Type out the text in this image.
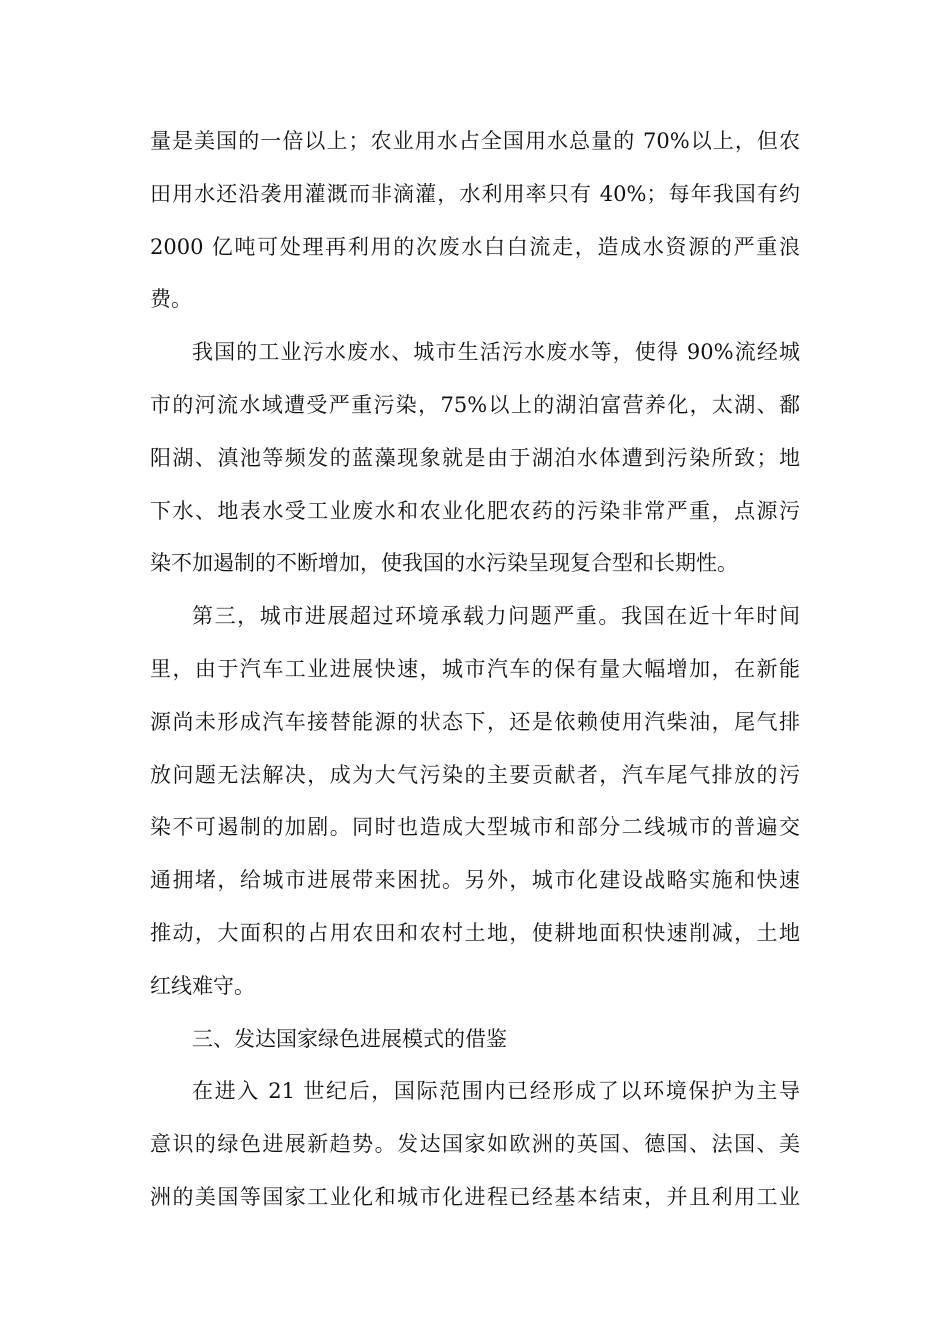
量是美国的一倍以上；农业用水占全国用水总量的 70%以上，但农
田用水还沿袭用灌溉而非滴灌，水利用率只有 40%；每年我国有约
2000 亿吨可处理再利用的次废水白白流走，造成水资源的严重浪
费。
我国的工业污水废水、城市生活污水废水等，使得 90%流经城
市的河流水域遭受严重污染，75%以上的湖泊富营养化，太湖、鄱
阳湖、滇池等频发的蓝藻现象就是由于湖泊水体遭到污染所致；地
下水、地表水受工业废水和农业化肥农药的污染非常严重，点源污
染不加遏制的不断增加，使我国的水污染呈现复合型和长期性。
第三，城市进展超过环境承载力问题严重。我国在近十年时间
里，由于汽车工业进展快速，城市汽车的保有量大幅增加，在新能
源尚未形成汽车接替能源的状态下，还是依赖使用汽柴油，尾气排
放问题无法解决，成为大气污染的主要贡献者，汽车尾气排放的污
染不可遏制的加剧。同时也造成大型城市和部分二线城市的普遍交
通拥堵，给城市进展带来困扰。另外，城市化建设战略实施和快速
推动，大面积的占用农田和农村土地，使耕地面积快速削减，土地
红线难守。
三、发达国家绿色进展模式的借鉴
在进入 21 世纪后，国际范围内已经形成了以环境保护为主导
意识的绿色进展新趋势。发达国家如欧洲的英国、德国、法国、美
洲的美国等国家工业化和城市化进程已经基本结束，并且利用工业
